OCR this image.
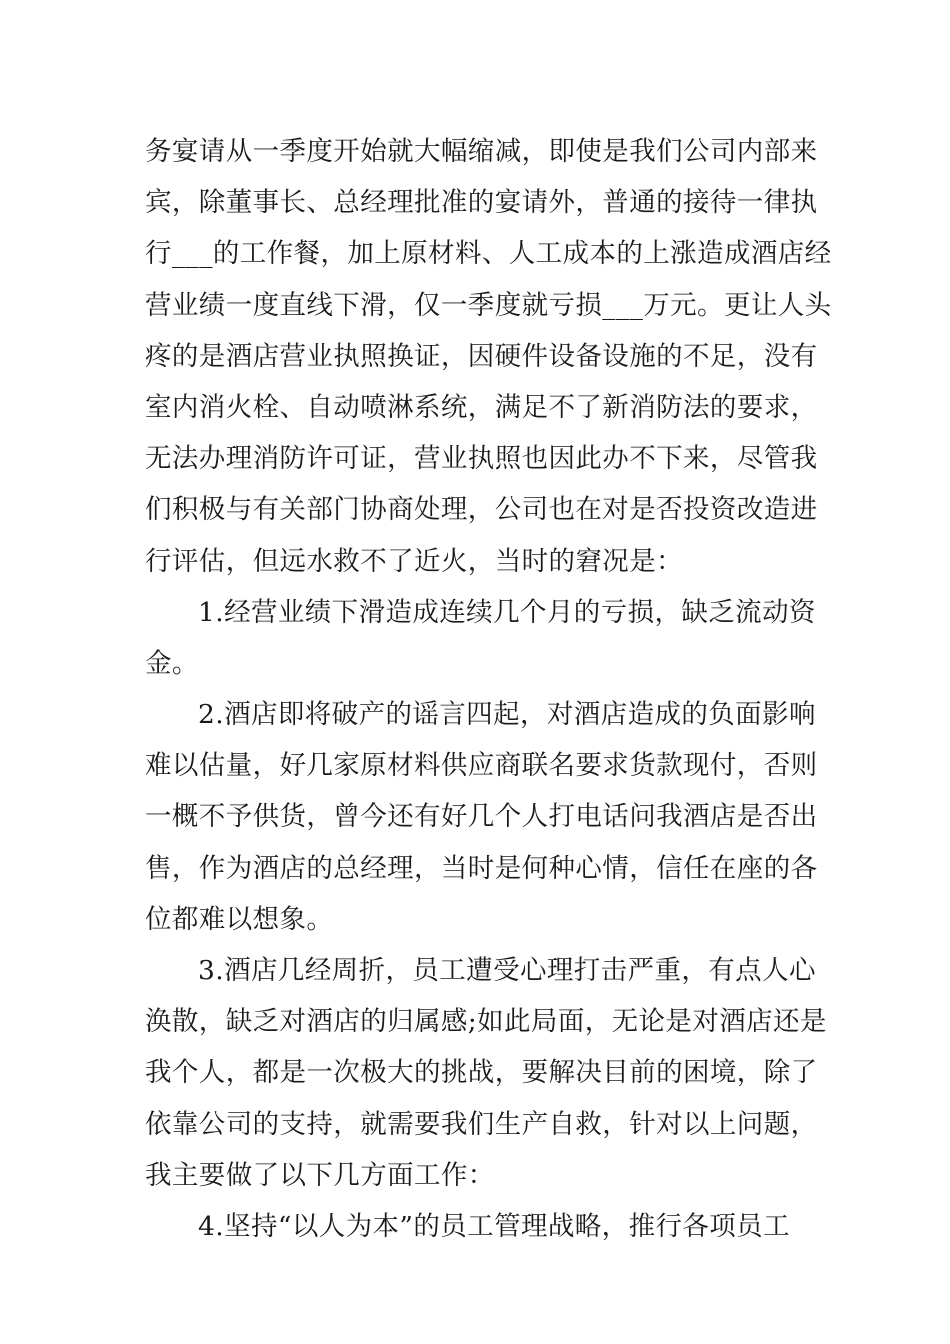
务宴请从一季度开始就大幅缩减，即使是我们公司内部来
宾，除董事长、总经理批准的宴请外，普通的接待一律执
行___的工作餐，加上原材料、人工成本的上涨造成酒店经
营业绩一度直线下滑，仅一季度就亏损___万元。更让人头
疼的是酒店营业执照换证，因硬件设备设施的不足，没有
室内消火栓、自动喷淋系统，满足不了新消防法的要求，
无法办理消防许可证，营业执照也因此办不下来，尽管我
们积极与有关部门协商处理，公司也在对是否投资改造进
行评估，但远水救不了近火，当时的窘况是：
1.经营业绩下滑造成连续几个月的亏损，缺乏流动资
金。
2.酒店即将破产的谣言四起，对酒店造成的负面影响
难以估量，好几家原材料供应商联名要求货款现付，否则
一概不予供货，曾今还有好几个人打电话问我酒店是否出
售，作为酒店的总经理，当时是何种心情，信任在座的各
位都难以想象。
3.酒店几经周折，员工遭受心理打击严重，有点人心
涣散，缺乏对酒店的归属感;如此局面，无论是对酒店还是
我个人，都是一次极大的挑战，要解决目前的困境，除了
依靠公司的支持，就需要我们生产自救，针对以上问题，
我主要做了以下几方面工作：
4.坚持“以人为本”的员工管理战略，推行各项员工
